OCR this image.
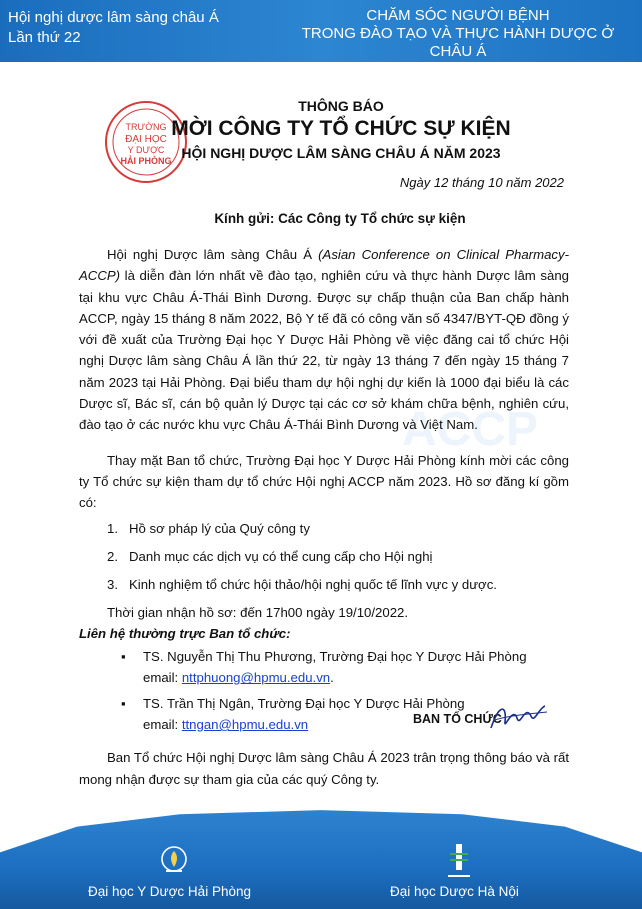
Hội nghị dược lâm sàng châu Á
Lần thứ 22
CHĂM SÓC NGƯỜI BỆNH
TRONG ĐÀO TẠO VÀ THỰC HÀNH DƯỢC Ở CHÂU Á
Ngày 13-15 tháng 07 năm 2023, Hải Phòng, Việt Nam
ACCP
TRƯỜNG
ĐẠI HỌC
Y DƯỢC
HẢI PHÒNG
THÔNG BÁO
MỜI CÔNG TY TỔ CHỨC SỰ KIỆN
HỘI NGHỊ DƯỢC LÂM SÀNG CHÂU Á NĂM 2023
Ngày 12 tháng 10 năm 2022
Kính gửi: Các Công ty Tổ chức sự kiện

Hội nghị Dược lâm sàng Châu Á (Asian Conference on Clinical Pharmacy-ACCP) là diễn đàn lớn nhất về đào tạo, nghiên cứu và thực hành Dược lâm sàng tại khu vực Châu Á-Thái Bình Dương. Được sự chấp thuận của Ban chấp hành ACCP, ngày 15 tháng 8 năm 2022, Bộ Y tế đã có công văn số 4347/BYT-QĐ đồng ý với đề xuất của Trường Đại học Y Dược Hải Phòng về việc đăng cai tổ chức Hội nghị Dược lâm sàng Châu Á lần thứ 22, từ ngày 13 tháng 7 đến ngày 15 tháng 7 năm 2023 tại Hải Phòng. Đại biểu tham dự hội nghị dự kiến là 1000 đại biểu là các Dược sĩ, Bác sĩ, cán bộ quản lý Dược tại các cơ sở khám chữa bệnh, nghiên cứu, đào tạo ở các nước khu vực Châu Á-Thái Bình Dương và Việt Nam.

Thay mặt Ban tổ chức, Trường Đại học Y Dược Hải Phòng kính mời các công ty Tổ chức sự kiện tham dự tổ chức Hội nghị ACCP năm 2023. Hồ sơ đăng kí gồm có:

1. Hồ sơ pháp lý của Quý công ty
2. Danh mục các dịch vụ có thể cung cấp cho Hội nghị
3. Kinh nghiệm tổ chức hội thảo/hội nghị quốc tế lĩnh vực y dược.

Thời gian nhận hồ sơ: đến 17h00 ngày 19/10/2022.

Liên hệ thường trực Ban tổ chức:

▪	TS. Nguyễn Thị Thu Phương, Trường Đại học Y Dược Hải Phòng
email: nttphuong@hpmu.edu.vn.
▪	TS. Trần Thị Ngân, Trường Đại học Y Dược Hải Phòng
email: ttngan@hpmu.edu.vn

Ban Tổ chức Hội nghị Dược lâm sàng Châu Á 2023 trân trọng thông báo và rất mong nhận được sự tham gia của các quý Công ty.

BAN TỔ CHỨC
Đại học Y Dược Hải Phòng	Đại học Dược Hà Nội
